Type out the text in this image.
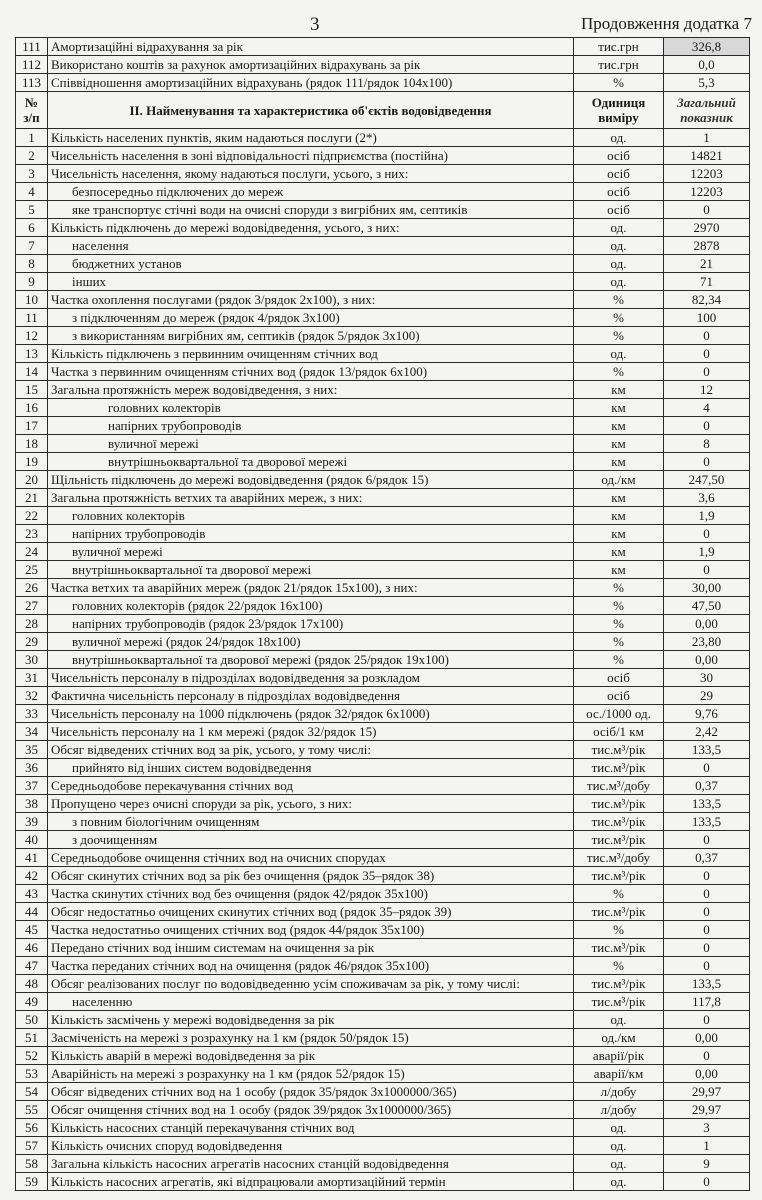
3	Продовження додатка 7
111	Амортизаційні відрахування за рік	тис.грн	326,8
112	Використано коштів за рахунок амортизаційних відрахувань за рік	тис.грн	0,0
113	Співвідношення амортизаційних відрахувань (рядок 111/рядок 104х100)	%	5,3
№ з/п	ІІ. Найменування та характеристика об'єктів водовідведення	Одиниця виміру	Загальний показник
1	Кількість населених пунктів, яким надаються послуги (2*)	од.	1
2	Чисельність населення в зоні відповідальності підприємства (постійна)	осіб	14821
3	Чисельність населення, якому надаються послуги, усього, з них:	осіб	12203
4	безпосередньо підключених до мереж	осіб	12203
5	яке транспортує стічні води на очисні споруди з вигрібних ям, септиків	осіб	0
6	Кількість підключень до мережі водовідведення, усього, з них:	од.	2970
7	населення	од.	2878
8	бюджетних установ	од.	21
9	інших	од.	71
10	Частка охоплення послугами (рядок 3/рядок 2х100), з них:	%	82,34
11	з підключенням до мереж (рядок 4/рядок 3х100)	%	100
12	з використанням вигрібних ям, септиків (рядок 5/рядок 3х100)	%	0
13	Кількість підключень з первинним очищенням стічних вод	од.	0
14	Частка з первинним очищенням стічних вод (рядок 13/рядок 6х100)	%	0
15	Загальна протяжність мереж водовідведення, з них:	км	12
16	головних колекторів	км	4
17	напірних трубопроводів	км	0
18	вуличної мережі	км	8
19	внутрішньоквартальної та дворової мережі	км	0
20	Щільність підключень до мережі водовідведення (рядок 6/рядок 15)	од./км	247,50
21	Загальна протяжність ветхих та аварійних мереж, з них:	км	3,6
22	головних колекторів	км	1,9
23	напірних трубопроводів	км	0
24	вуличної мережі	км	1,9
25	внутрішньоквартальної та дворової мережі	км	0
26	Частка ветхих та аварійних мереж (рядок 21/рядок 15х100), з них:	%	30,00
27	головних колекторів (рядок 22/рядок 16х100)	%	47,50
28	напірних трубопроводів (рядок 23/рядок 17х100)	%	0,00
29	вуличної мережі (рядок 24/рядок 18х100)	%	23,80
30	внутрішньоквартальної та дворової мережі (рядок 25/рядок 19х100)	%	0,00
31	Чисельність персоналу в підрозділах водовідведення за розкладом	осіб	30
32	Фактична чисельність персоналу в підрозділах водовідведення	осіб	29
33	Чисельність персоналу на 1000 підключень (рядок 32/рядок 6х1000)	ос./1000 од.	9,76
34	Чисельність персоналу на 1 км мережі (рядок 32/рядок 15)	осіб/1 км	2,42
35	Обсяг відведених стічних вод за рік, усього, у тому числі:	тис.м³/рік	133,5
36	прийнято від інших систем водовідведення	тис.м³/рік	0
37	Середньодобове перекачування стічних вод	тис.м³/добу	0,37
38	Пропущено через очисні споруди за рік, усього, з них:	тис.м³/рік	133,5
39	з повним біологічним очищенням	тис.м³/рік	133,5
40	з доочищенням	тис.м³/рік	0
41	Середньодобове очищення стічних вод на очисних спорудах	тис.м³/добу	0,37
42	Обсяг скинутих стічних вод за рік без очищення (рядок 35–рядок 38)	тис.м³/рік	0
43	Частка скинутих стічних вод без очищення (рядок 42/рядок 35х100)	%	0
44	Обсяг недостатньо очищених скинутих стічних вод (рядок 35–рядок 39)	тис.м³/рік	0
45	Частка недостатньо очищених стічних вод (рядок 44/рядок 35х100)	%	0
46	Передано стічних вод іншим системам на очищення за рік	тис.м³/рік	0
47	Частка переданих стічних вод на очищення (рядок 46/рядок 35х100)	%	0
48	Обсяг реалізованих послуг по водовідведенню усім споживачам за рік, у тому числі:	тис.м³/рік	133,5
49	населенню	тис.м³/рік	117,8
50	Кількість засмічень у мережі водовідведення за рік	од.	0
51	Засміченість на мережі з розрахунку на 1 км (рядок 50/рядок 15)	од./км	0,00
52	Кількість аварій в мережі водовідведення за рік	аварії/рік	0
53	Аварійність на мережі з розрахунку на 1 км (рядок 52/рядок 15)	аварії/км	0,00
54	Обсяг відведених стічних вод на 1 особу (рядок 35/рядок 3х1000000/365)	л/добу	29,97
55	Обсяг очищення стічних вод на 1 особу (рядок 39/рядок 3х1000000/365)	л/добу	29,97
56	Кількість насосних станцій перекачування стічних вод	од.	3
57	Кількість очисних споруд водовідведення	од.	1
58	Загальна кількість насосних агрегатів насосних станцій водовідведення	од.	9
59	Кількість насосних агрегатів, які відпрацювали амортизаційний термін	од.	0
